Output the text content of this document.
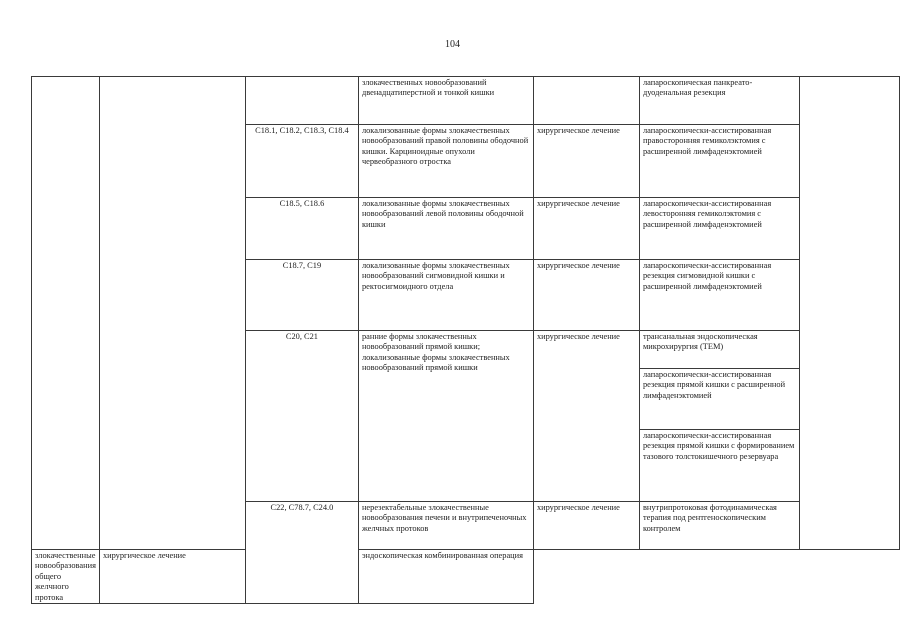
104
			злокачественных новообразований двенадцатиперстной и тонкой кишки		лапароскопическая панкреато-дуоденальная резекция	
		C18.1, C18.2, C18.3, C18.4	локализованные формы злокачественных новообразований правой половины ободочной кишки. Карциноидные опухоли червеобразного отростка	хирургическое лечение	лапароскопически-ассистированная правосторонняя гемиколэктомия с расширенной лимфаденэктомией	
		C18.5, C18.6	локализованные формы злокачественных новообразований левой половины ободочной кишки	хирургическое лечение	лапароскопически-ассистированная левосторонняя гемиколэктомия с расширенной лимфаденэктомией	
		C18.7, C19	локализованные формы злокачественных новообразований сигмовидной кишки и ректосигмоидного отдела	хирургическое лечение	лапароскопически-ассистированная резекция сигмовидной кишки с расширенной лимфаденэктомией	
		C20, C21	ранние формы злокачественных новообразований прямой кишки; локализованные формы злокачественных новообразований прямой кишки	хирургическое лечение	трансанальная эндоскопическая микрохирургия (ТЕМ)	
					лапароскопически-ассистированная резекция прямой кишки с расширенной лимфаденэктомией	
					лапароскопически-ассистированная резекция прямой кишки с формированием тазового толстокишечного резервуара	
		C22, C78.7, C24.0	нерезектабельные злокачественные новообразования печени и внутрипеченочных желчных протоков	хирургическое лечение	внутрипротоковая фотодинамическая терапия под рентгеноскопическим контролем	
злокачественные новообразования общего желчного протока	хирургическое лечение		эндоскопическая комбинированная операция			
